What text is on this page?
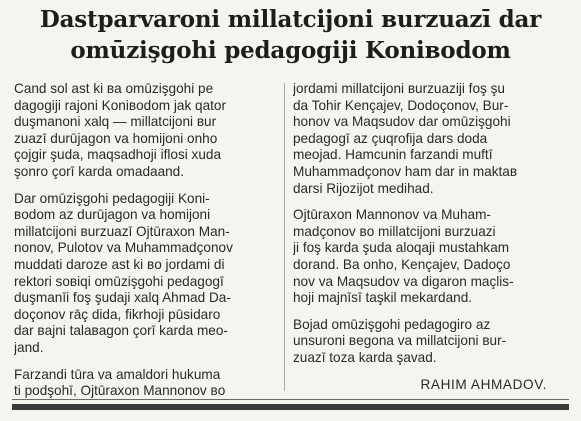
Dastparvaroni millatcijoni вurzuazī dar
omūzişgohi pedagogiji Koniвodom
Cand sol ast ki вa omūzişgohi pe
dagogiji rajoni Koniвodom jak qator
duşmanoni xalq — millatcijoni вur
zuazī durūjagon va homijoni onho
çojgir şuda, maqsadhoji iflosi xuda
şonro çorī karda omadaand.
Dar omūzişgohi pedagogiji Koni-
вodom az durūjagon va homijoni
millatcijoni вurzuazī Ojtūraxon Man-
nonov, Pulotov va Muhammadçonov
muddati daroze ast ki вo jordami di
rektori soвiqi omūzişgohi pedagogī
duşmanīi foş şudaji xalq Ahmad Da-
doçonov rāç dida, fikrhoji pūsidaro
dar вajni talaвagon çorī karda meo-
jand.
Farzandi tūra va amaldori hukuma
ti podşohī, Ojtūraxon Mannonov вo
jordami millatcijoni вurzuaziji foş şu
da Tohir Kençajev, Dodoçonov, Вur-
honov va Maqsudov dar omūzişgohi
pedagogī az çuqrofija dars doda
meojad. Hamcunin farzandi muftī
Muhammadçonov ham dar in maktaв
darsi Rijozijot medihad.
Ojtūraxon Mannonov va Muham-
madçonov вo millatcijoni вurzuazi
ji foş karda şuda aloqaji mustahkam
dorand. Вa onho, Kençajev, Dadoço
nov va Maqsudov va digaron maçlis-
hoji majnīsī taşkil mekardand.
Вojad omūzişgohi pedagogiro az
unsuroni вegona va millatcijoni вur-
zuazī toza karda şavad.
RAHIM AHMADOV.
